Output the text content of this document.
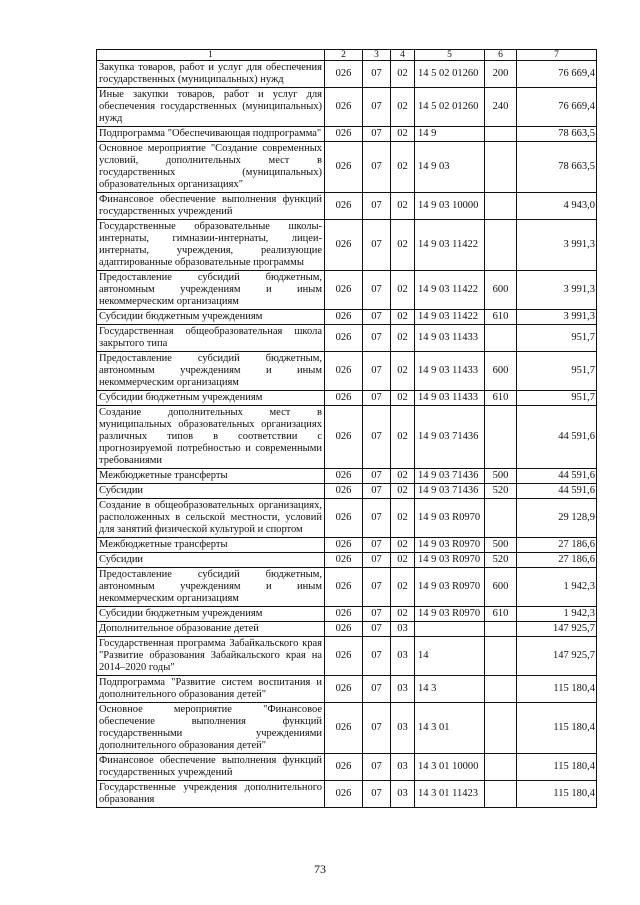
1	2	3	4	5	6	7
Закупка товаров, работ и услуг для обеспечения государственных (муниципальных) нужд	026	07	02	14 5 02 01260	200	76 669,4
Иные закупки товаров, работ и услуг для обеспечения государственных (муниципальных) нужд	026	07	02	14 5 02 01260	240	76 669,4
Подпрограмма "Обеспечивающая подпрограмма"	026	07	02	14 9		78 663,5
Основное мероприятие "Создание современных условий, дополнительных мест в государственных (муниципальных) образовательных организациях"	026	07	02	14 9 03		78 663,5
Финансовое обеспечение выполнения функций государственных учреждений	026	07	02	14 9 03 10000		4 943,0
Государственные образовательные школы-интернаты, гимназии-интернаты, лицеи-интернаты, учреждения, реализующие адаптированные образовательные программы	026	07	02	14 9 03 11422		3 991,3
Предоставление субсидий бюджетным, автономным учреждениям и иным некоммерческим организациям	026	07	02	14 9 03 11422	600	3 991,3
Субсидии бюджетным учреждениям	026	07	02	14 9 03 11422	610	3 991,3
Государственная общеобразовательная школа закрытого типа	026	07	02	14 9 03 11433		951,7
Предоставление субсидий бюджетным, автономным учреждениям и иным некоммерческим организациям	026	07	02	14 9 03 11433	600	951,7
Субсидии бюджетным учреждениям	026	07	02	14 9 03 11433	610	951,7
Создание дополнительных мест в муниципальных образовательных организациях различных типов в соответствии с прогнозируемой потребностью и современными требованиями	026	07	02	14 9 03 71436		44 591,6
Межбюджетные трансферты	026	07	02	14 9 03 71436	500	44 591,6
Субсидии	026	07	02	14 9 03 71436	520	44 591,6
Создание в общеобразовательных организациях, расположенных в сельской местности, условий для занятий физической культурой и спортом	026	07	02	14 9 03 R0970		29 128,9
Межбюджетные трансферты	026	07	02	14 9 03 R0970	500	27 186,6
Субсидии	026	07	02	14 9 03 R0970	520	27 186,6
Предоставление субсидий бюджетным, автономным учреждениям и иным некоммерческим организациям	026	07	02	14 9 03 R0970	600	1 942,3
Субсидии бюджетным учреждениям	026	07	02	14 9 03 R0970	610	1 942,3
Дополнительное образование детей	026	07	03			147 925,7
Государственная программа Забайкальского края "Развитие образования Забайкальского края на 2014–2020 годы"	026	07	03	14		147 925,7
Подпрограмма "Развитие систем воспитания и дополнительного образования детей"	026	07	03	14 3		115 180,4
Основное мероприятие "Финансовое обеспечение выполнения функций государственными учреждениями дополнительного образования детей"	026	07	03	14 3 01		115 180,4
Финансовое обеспечение выполнения функций государственных учреждений	026	07	03	14 3 01 10000		115 180,4
Государственные учреждения дополнительного образования	026	07	03	14 3 01 11423		115 180,4
73
